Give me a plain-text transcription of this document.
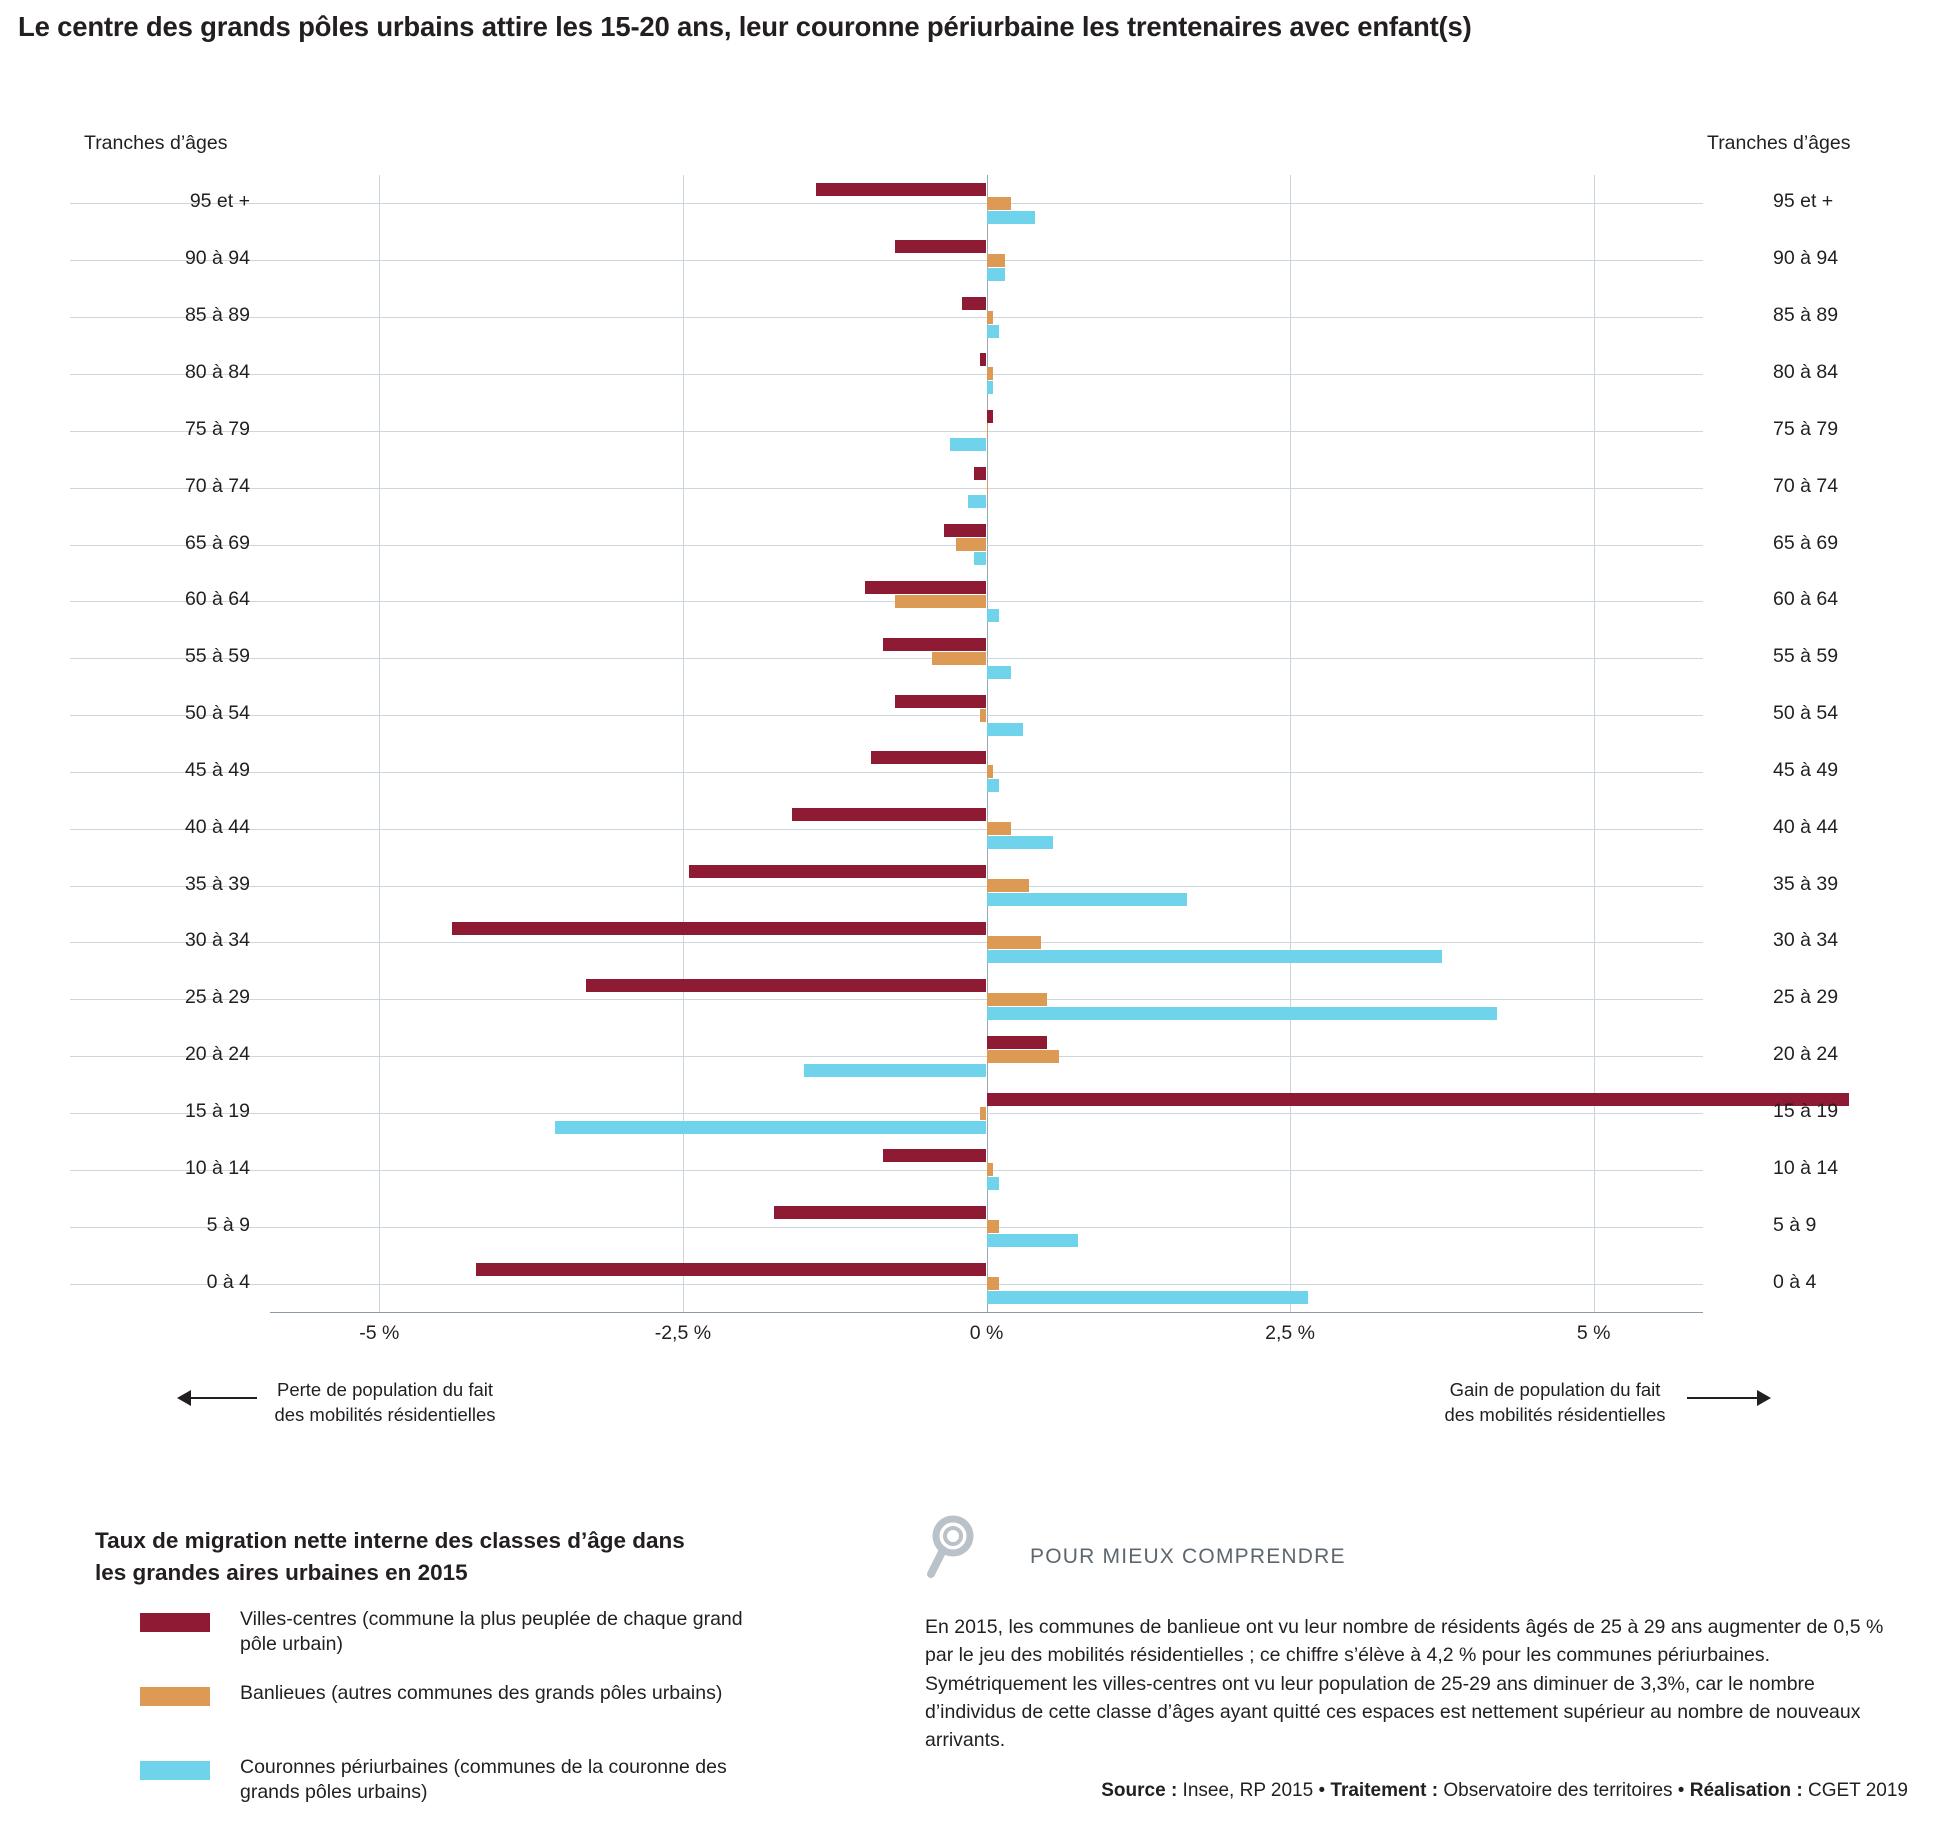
Le centre des grands pôles urbains attire les 15-20 ans, leur couronne périurbaine les trentenaires avec enfant(s)
Tranches d’âges	Tranches d’âges
-5 %	-2,5 %	0 %	2,5 %	5 %
Perte de population du fait
des mobilités résidentielles
Gain de population du fait
des mobilités résidentielles
Taux de migration nette interne des classes d’âge dans les grandes aires urbaines en 2015
Villes-centres (commune la plus peuplée de chaque grand pôle urbain)
Banlieues (autres communes des grands pôles urbains)
Couronnes périurbaines (communes de la couronne des grands pôles urbains)
POUR MIEUX COMPRENDRE
En 2015, les communes de banlieue ont vu leur nombre de résidents âgés de 25 à 29 ans augmenter de 0,5 % par le jeu des mobilités résidentielles ; ce chiffre s’élève à 4,2 % pour les communes périurbaines. Symétriquement les villes-centres ont vu leur population de 25-29 ans diminuer de 3,3%, car le nombre d’individus de cette classe d’âges ayant quitté ces espaces est nettement supérieur au nombre de nouveaux arrivants.
Source : Insee, RP 2015 • Traitement : Observatoire des territoires • Réalisation : CGET 2019
0 à 4	0 à 4
5 à 9	5 à 9
10 à 14	10 à 14
15 à 19	15 à 19
20 à 24	20 à 24
25 à 29	25 à 29
30 à 34	30 à 34
35 à 39	35 à 39
40 à 44	40 à 44
45 à 49	45 à 49
50 à 54	50 à 54
55 à 59	55 à 59
60 à 64	60 à 64
65 à 69	65 à 69
70 à 74	70 à 74
75 à 79	75 à 79
80 à 84	80 à 84
85 à 89	85 à 89
90 à 94	90 à 94
95 et +	95 et +
